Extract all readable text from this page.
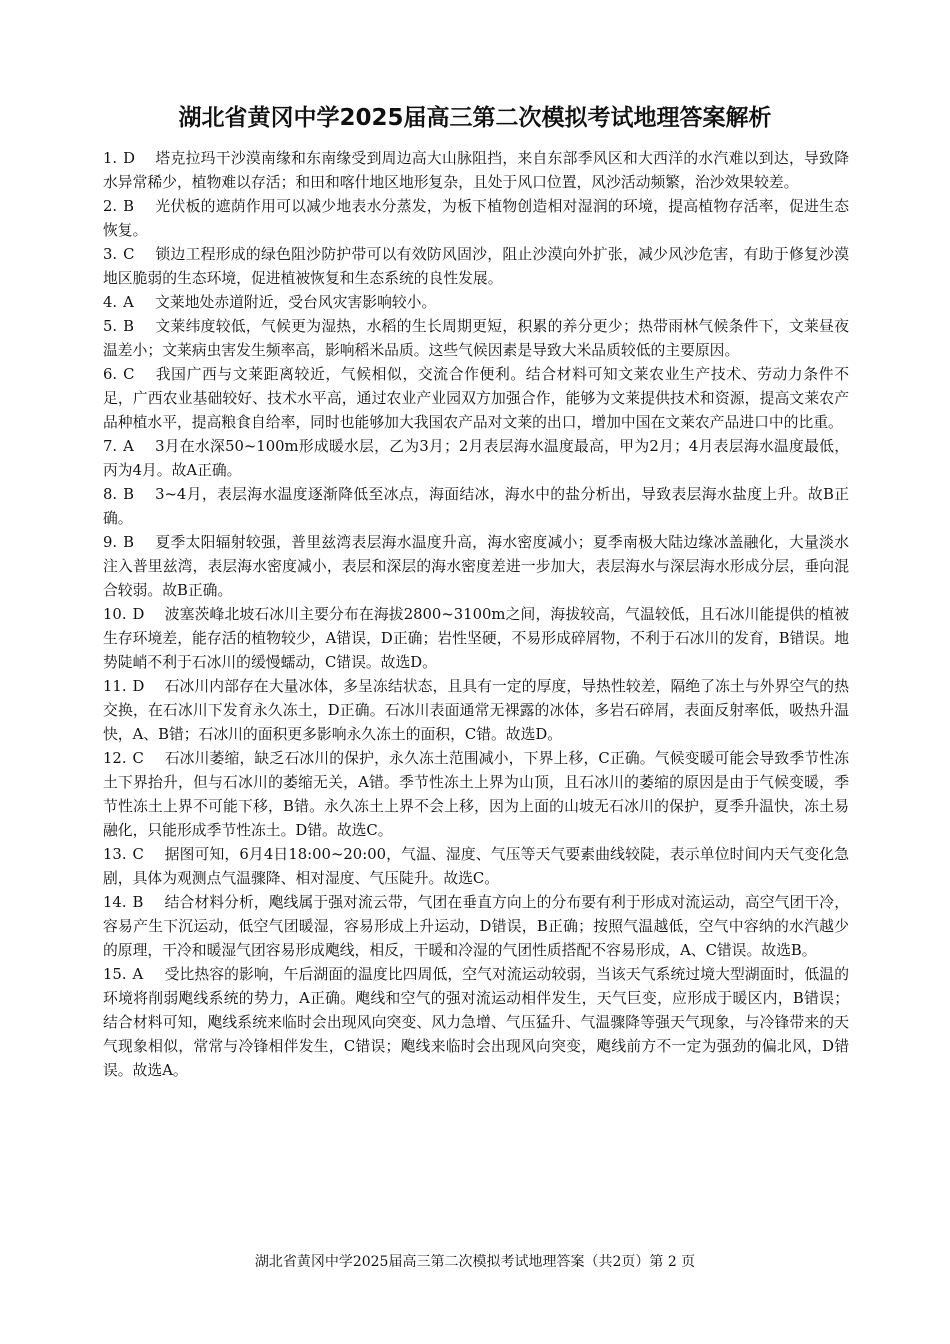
湖北省黄冈中学2025届高三第二次模拟考试地理答案解析

1. D 塔克拉玛干沙漠南缘和东南缘受到周边高大山脉阻挡，来自东部季风区和大西洋的水汽难以到达，导致降水异常稀少，植物难以存活；和田和喀什地区地形复杂，且处于风口位置，风沙活动频繁，治沙效果较差。

2. B 光伏板的遮荫作用可以减少地表水分蒸发，为板下植物创造相对湿润的环境，提高植物存活率，促进生态恢复。

3. C 锁边工程形成的绿色阻沙防护带可以有效防风固沙，阻止沙漠向外扩张，减少风沙危害，有助于修复沙漠地区脆弱的生态环境，促进植被恢复和生态系统的良性发展。

4. A 文莱地处赤道附近，受台风灾害影响较小。

5. B 文莱纬度较低，气候更为湿热，水稻的生长周期更短，积累的养分更少；热带雨林气候条件下，文莱昼夜温差小；文莱病虫害发生频率高，影响稻米品质。这些气候因素是导致大米品质较低的主要原因。

6. C 我国广西与文莱距离较近，气候相似，交流合作便利。结合材料可知文莱农业生产技术、劳动力条件不足，广西农业基础较好、技术水平高，通过农业产业园双方加强合作，能够为文莱提供技术和资源，提高文莱农产品种植水平，提高粮食自给率，同时也能够加大我国农产品对文莱的出口，增加中国在文莱农产品进口中的比重。

7. A 3月在水深50~100m形成暖水层，乙为3月；2月表层海水温度最高，甲为2月；4月表层海水温度最低，丙为4月。故A正确。

8. B 3~4月，表层海水温度逐渐降低至冰点，海面结冰，海水中的盐分析出，导致表层海水盐度上升。故B正确。

9. B 夏季太阳辐射较强，普里兹湾表层海水温度升高，海水密度减小；夏季南极大陆边缘冰盖融化，大量淡水注入普里兹湾，表层海水密度减小，表层和深层的海水密度差进一步加大，表层海水与深层海水形成分层，垂向混合较弱。故B正确。

10. D 波塞茨峰北坡石冰川主要分布在海拔2800~3100m之间，海拔较高，气温较低，且石冰川能提供的植被生存环境差，能存活的植物较少，A错误，D正确；岩性坚硬，不易形成碎屑物，不利于石冰川的发育，B错误。地势陡峭不利于石冰川的缓慢蠕动，C错误。故选D。

11. D 石冰川内部存在大量冰体，多呈冻结状态，且具有一定的厚度，导热性较差，隔绝了冻土与外界空气的热交换，在石冰川下发育永久冻土，D正确。石冰川表面通常无裸露的冰体，多岩石碎屑，表面反射率低，吸热升温快，A、B错；石冰川的面积更多影响永久冻土的面积，C错。故选D。

12. C 石冰川萎缩，缺乏石冰川的保护，永久冻土范围减小，下界上移，C正确。气候变暖可能会导致季节性冻土下界抬升，但与石冰川的萎缩无关，A错。季节性冻土上界为山顶，且石冰川的萎缩的原因是由于气候变暖，季节性冻土上界不可能下移，B错。永久冻土上界不会上移，因为上面的山坡无石冰川的保护，夏季升温快，冻土易融化，只能形成季节性冻土。D错。故选C。

13. C 据图可知，6月4日18:00~20:00，气温、湿度、气压等天气要素曲线较陡，表示单位时间内天气变化急剧，具体为观测点气温骤降、相对湿度、气压陡升。故选C。

14. B 结合材料分析，飑线属于强对流云带，气团在垂直方向上的分布要有利于形成对流运动，高空气团干冷，容易产生下沉运动，低空气团暖湿，容易形成上升运动，D错误，B正确；按照气温越低，空气中容纳的水汽越少的原理，干冷和暖湿气团容易形成飑线，相反，干暖和冷湿的气团性质搭配不容易形成，A、C错误。故选B。

15. A 受比热容的影响，午后湖面的温度比四周低，空气对流运动较弱，当该天气系统过境大型湖面时，低温的环境将削弱飑线系统的势力，A正确。飑线和空气的强对流运动相伴发生，天气巨变，应形成于暖区内，B错误；结合材料可知，飑线系统来临时会出现风向突变、风力急增、气压猛升、气温骤降等强天气现象，与冷锋带来的天气现象相似，常常与冷锋相伴发生，C错误；飑线来临时会出现风向突变，飑线前方不一定为强劲的偏北风，D错误。故选A。

湖北省黄冈中学2025届高三第二次模拟考试地理答案（共2页）第 2 页
